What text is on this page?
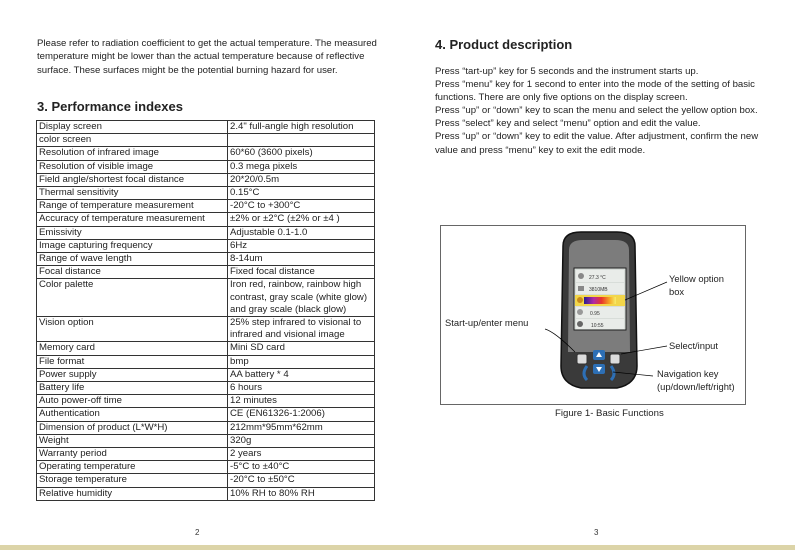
Please refer to radiation coefficient to get the actual temperature. The measured temperature might be lower than the actual temperature because of reflective surface. These surfaces might be the potential burning hazard for user.
3. Performance indexes
Display screen	2.4" full-angle high resolution
color screen	
Resolution of infrared image	60*60 (3600 pixels)
Resolution of visible image	0.3 mega pixels
Field angle/shortest focal distance	20*20/0.5m
Thermal sensitivity	0.15°C
Range of temperature measurement	-20°C to +300°C
Accuracy of temperature measurement	±2% or ±2°C (±2% or ±4 )
Emissivity	Adjustable 0.1-1.0
Image capturing frequency	6Hz
Range of wave length	8-14um
Focal distance	Fixed focal distance
Color palette	Iron red, rainbow, rainbow high contrast, gray scale (white glow) and gray scale (black glow)
Vision option	25% step infrared to visional to infrared and visional image
Memory card	Mini SD card
File format	bmp
Power supply	AA battery * 4
Battery life	6 hours
Auto power-off time	12 minutes
Authentication	CE (EN61326-1:2006)
Dimension of product (L*W*H)	212mm*95mm*62mm
Weight	320g
Warranty period	2 years
Operating temperature	-5°C to ±40°C
Storage temperature	-20°C to ±50°C
Relative humidity	10% RH to 80% RH
2
4. Product description

Press “tart-up” key for 5 seconds and the instrument starts up.

Press “menu” key for 1 second to enter into the mode of the setting of basic functions. There are only five options on the display screen.

Press “up” or “down” key to scan the menu and select the yellow option box.

Press “select” key and select “menu” option and edit the value.

Press “up” or “down” key to edit the value. After adjustment, confirm the new value and press “menu” key to exit the edit mode.

27.3 °C
3810MB
0.95
10:55
Yellow option
box
Start-up/enter menu
Select/input
Navigation key
(up/down/left/right)
Figure 1- Basic Functions
3
